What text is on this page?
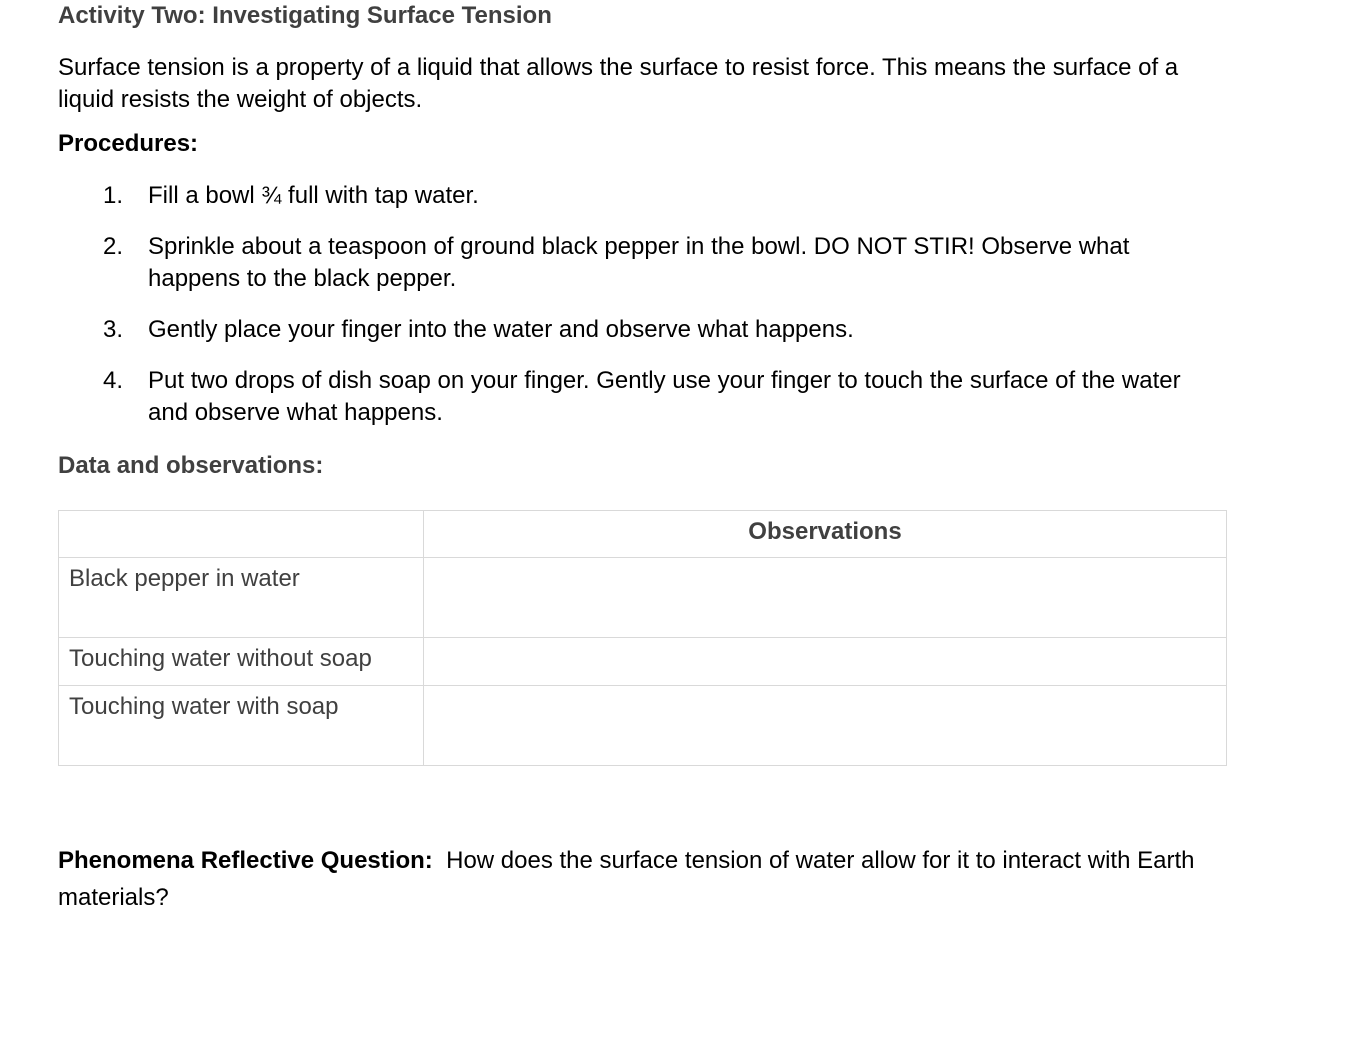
Activity Two: Investigating Surface Tension

Surface tension is a property of a liquid that allows the surface to resist force. This means the surface of a liquid resists the weight of objects.

Procedures:
1. Fill a bowl ¾ full with tap water.
2. Sprinkle about a teaspoon of ground black pepper in the bowl. DO NOT STIR! Observe what happens to the black pepper.
3. Gently place your finger into the water and observe what happens.
4. Put two drops of dish soap on your finger. Gently use your finger to touch the surface of the water and observe what happens.
Data and observations:
	Observations

Black pepper in water	

Touching water without soap	

Touching water with soap	

Phenomena Reflective Question: How does the surface tension of water allow for it to interact with Earth materials?
